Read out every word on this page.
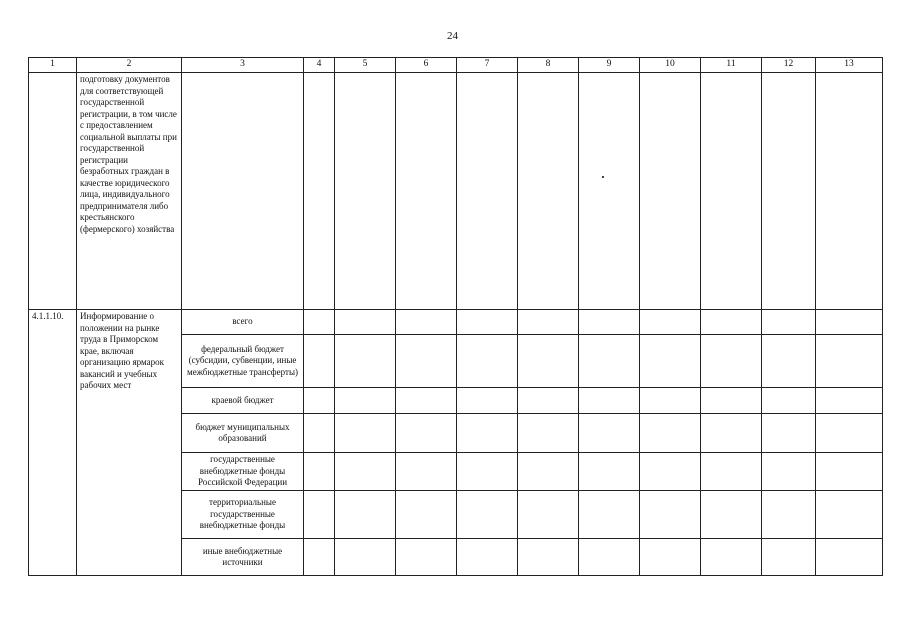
24
1	2	3	4	5	6	7	8	9	10	11	12	13
	подготовку документов для соответствующей государственной регистрации, в том числе с предоставлением социальной выплаты при государственной регистрации безработных граждан в качестве юридического лица, индивидуального предпринимателя либо крестьянского (фермерского) хозяйства											
4.1.1.10.	Информирование о положении на рынке труда в Приморском крае, включая организацию ярмарок вакансий и учебных рабочих мест	всего										
		федеральный бюджет (субсидии, субвенции, иные межбюджетные трансферты)										
		краевой бюджет										
		бюджет муниципальных образований										
		государственные внебюджетные фонды Российской Федерации										
		территориальные государственные внебюджетные фонды										
		иные внебюджетные источники										
